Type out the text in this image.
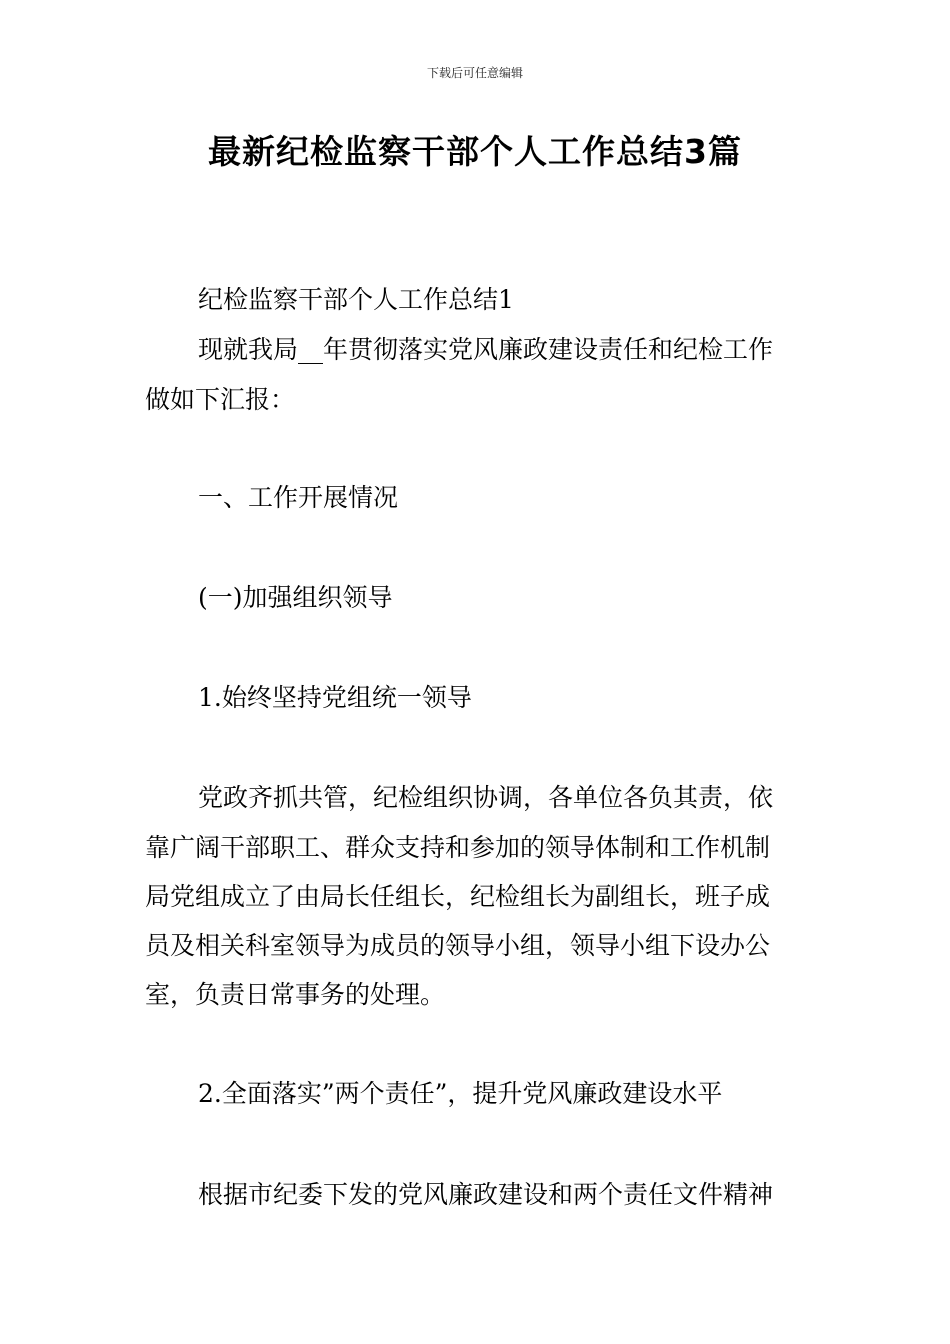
下载后可任意编辑
最新纪检监察干部个人工作总结3篇
纪检监察干部个人工作总结1
现就我局__年贯彻落实党风廉政建设责任和纪检工作
做如下汇报：
一、工作开展情况
(一)加强组织领导
1.始终坚持党组统一领导
党政齐抓共管，纪检组织协调，各单位各负其责，依
靠广阔干部职工、群众支持和参加的领导体制和工作机制
局党组成立了由局长任组长，纪检组长为副组长，班子成
员及相关科室领导为成员的领导小组，领导小组下设办公
室，负责日常事务的处理。
2.全面落实”两个责任”，提升党风廉政建设水平
根据市纪委下发的党风廉政建设和两个责任文件精神
